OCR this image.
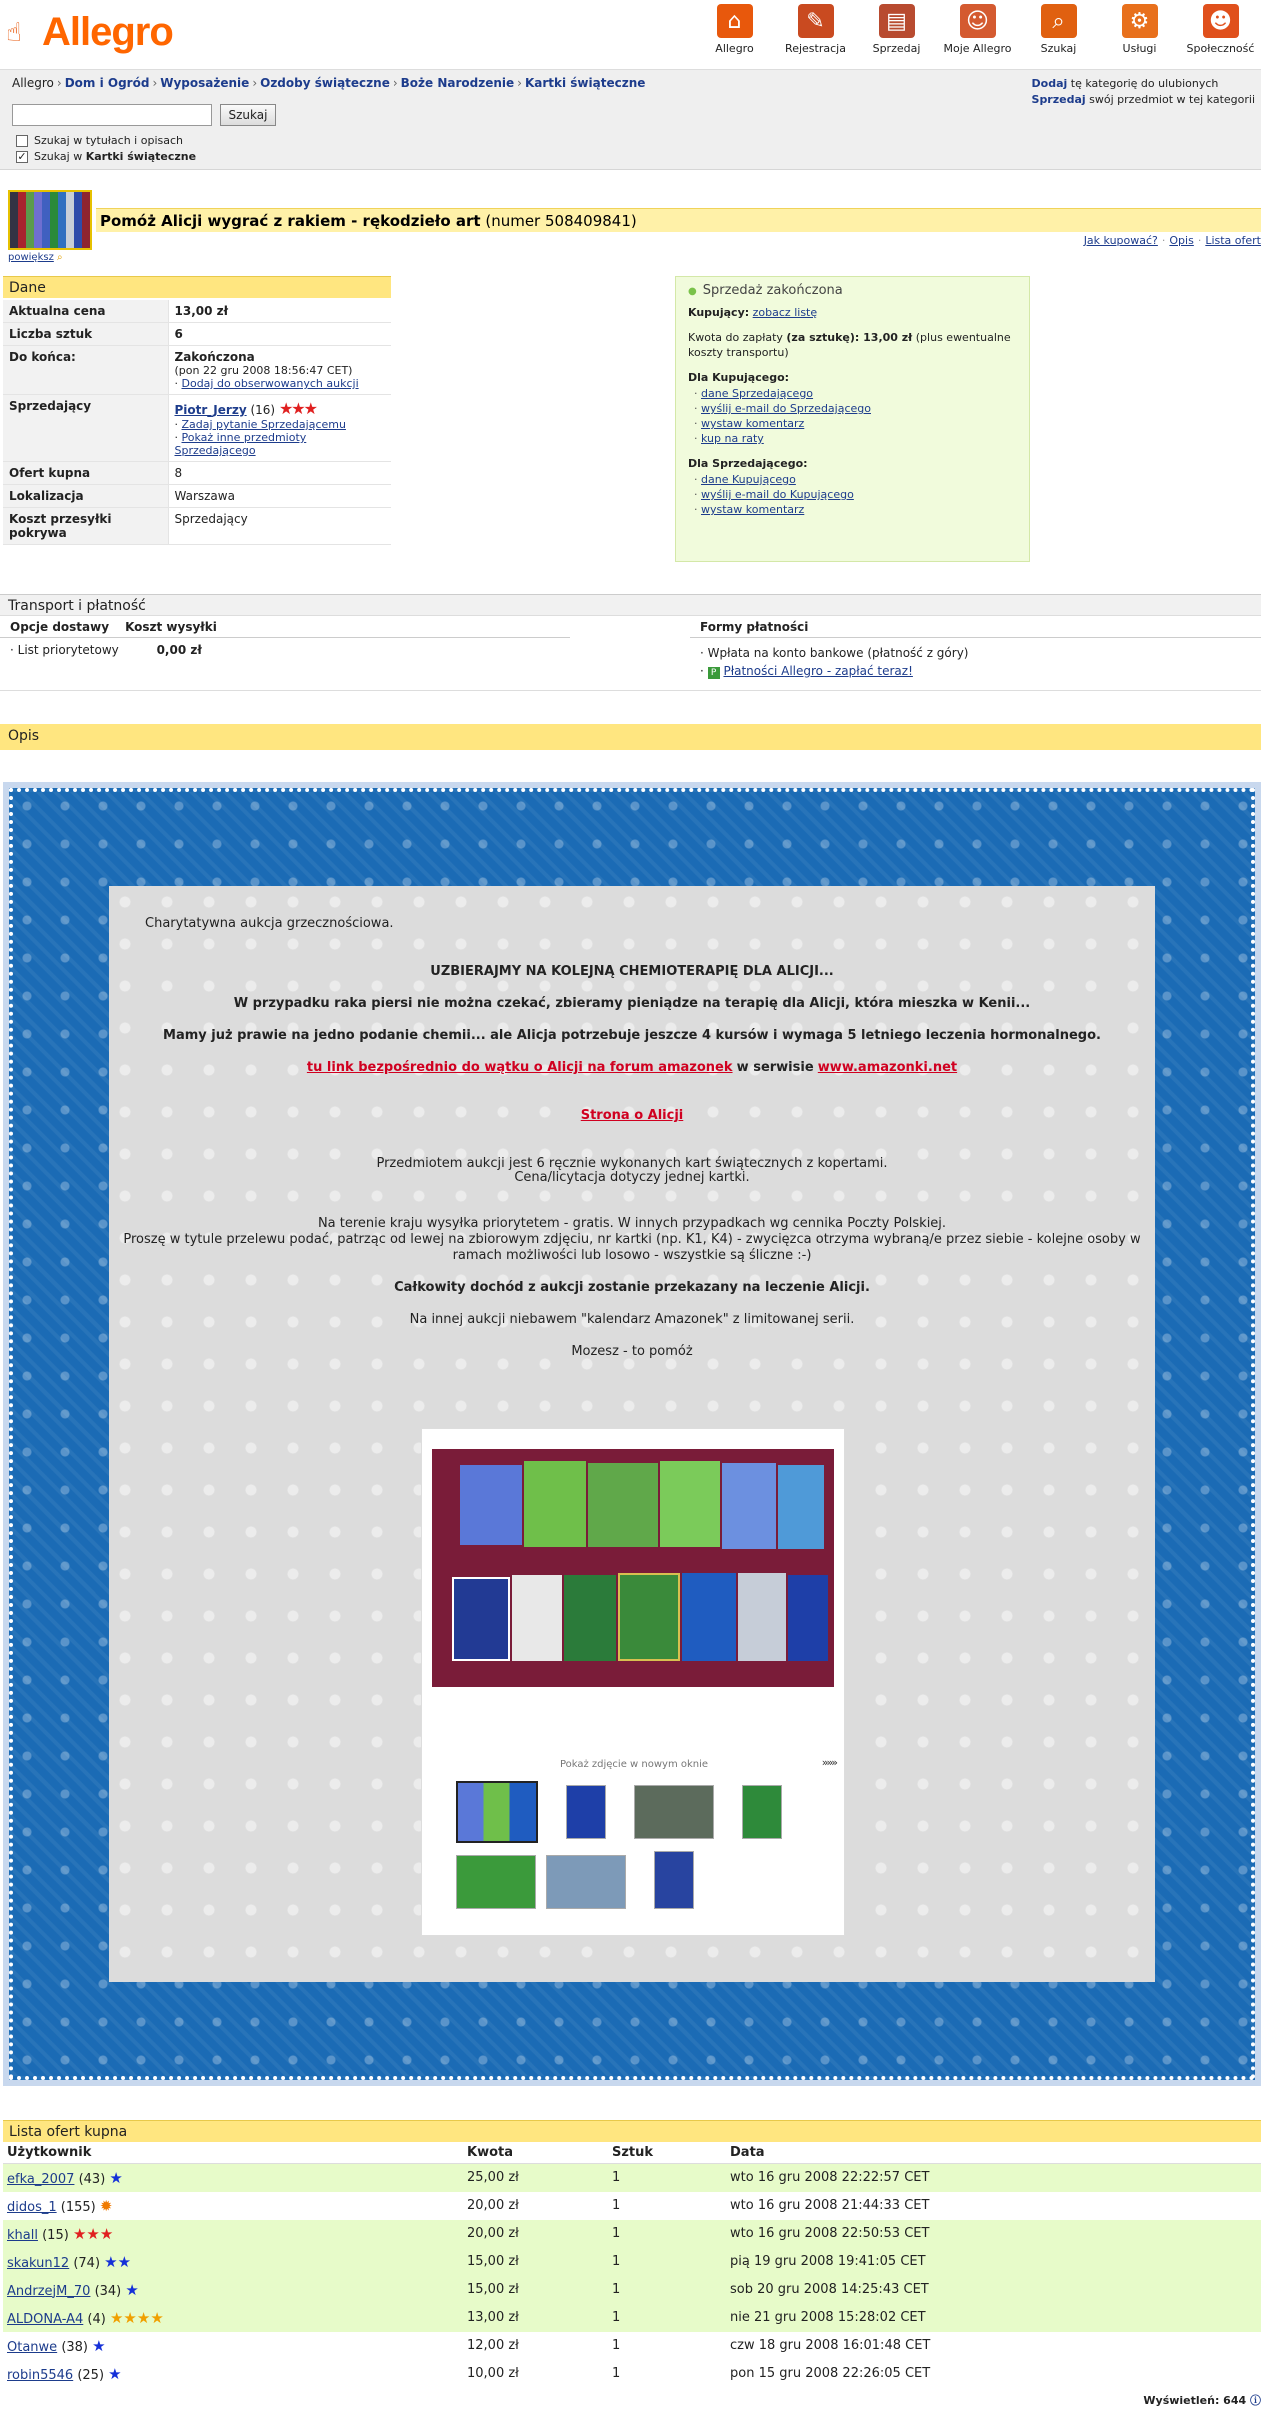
☝ Allegro	⌂
Allegro
✎
Rejestracja
▤
Sprzedaj
☺
Moje Allegro
⌕
Szukaj
⚙
Usługi
☻
Społeczność
Allegro › Dom i Ogród › Wyposażenie › Ozdoby świąteczne › Boże Narodzenie › Kartki świąteczne	Dodaj tę kategorię do ulubionych
Sprzedaj swój przedmiot w tej kategorii
Szukaj
Szukaj w tytułach i opisach
✓ Szukaj w Kartki świąteczne
powiększ ⌕
Pomóż Alicji wygrać z rakiem - rękodzieło art (numer 508409841)
Jak kupować? · Opis · Lista ofert
Dane
Aktualna cena	13,00 zł
Liczba sztuk	6
Do końca:	Zakończona
(pon 22 gru 2008 18:56:47 CET)
· Dodaj do obserwowanych aukcji

Sprzedający	Piotr_Jerzy (16) ★★★
· Zadaj pytanie Sprzedającemu
· Pokaż inne przedmioty Sprzedającego

Ofert kupna	8
Lokalizacja	Warszawa
Koszt przesyłki pokrywa	Sprzedający
● Sprzedaż zakończona
Kupujący: zobacz listę
Kwota do zapłaty (za sztukę): 13,00 zł (plus ewentualne koszty transportu)
Dla Kupującego:
· dane Sprzedającego
· wyślij e-mail do Sprzedającego
· wystaw komentarz
· kup na raty
Dla Sprzedającego:
· dane Kupującego
· wyślij e-mail do Kupującego
· wystaw komentarz
Transport i płatność
Opcje dostawy Koszt wysyłki
· List priorytetowy	0,00 zł
Formy płatności
· Wpłata na konto bankowe (płatność z góry)
· P Płatności Allegro - zapłać teraz!
Opis
Charytatywna aukcja grzecznościowa.
UZBIERAJMY NA KOLEJNĄ CHEMIOTERAPIĘ DLA ALICJI...
W przypadku raka piersi nie można czekać, zbieramy pieniądze na terapię dla Alicji, która mieszka w Kenii...
Mamy już prawie na jedno podanie chemii... ale Alicja potrzebuje jeszcze 4 kursów i wymaga 5 letniego leczenia hormonalnego.
tu link bezpośrednio do wątku o Alicji na forum amazonek w serwisie www.amazonki.net
Strona o Alicji
Przedmiotem aukcji jest 6 ręcznie wykonanych kart świątecznych z kopertami.
Cena/licytacja dotyczy jednej kartki.
Na terenie kraju wysyłka priorytetem - gratis. W innych przypadkach wg cennika Poczty Polskiej.
Proszę w tytule przelewu podać, patrząc od lewej na zbiorowym zdjęciu, nr kartki (np. K1, K4) - zwycięzca otrzyma wybraną/e przez siebie - kolejne osoby w
ramach możliwości lub losowo - wszystkie są śliczne :-)
Całkowity dochód z aukcji zostanie przekazany na leczenie Alicji.
Na innej aukcji niebawem "kalendarz Amazonek" z limitowanej serii.
Mozesz - to pomóż
Pokaż zdjęcie w nowym oknie	»»»
Lista ofert kupna
Użytkownik	Kwota	Sztuk	Data
efka_2007 (43) ★	25,00 zł	1	wto 16 gru 2008 22:22:57 CET
didos_1 (155) ✹	20,00 zł	1	wto 16 gru 2008 21:44:33 CET
khall (15) ★★★	20,00 zł	1	wto 16 gru 2008 22:50:53 CET
skakun12 (74) ★★	15,00 zł	1	pią 19 gru 2008 19:41:05 CET
AndrzejM_70 (34) ★	15,00 zł	1	sob 20 gru 2008 14:25:43 CET
ALDONA-A4 (4) ★★★★	13,00 zł	1	nie 21 gru 2008 15:28:02 CET
Otanwe (38) ★	12,00 zł	1	czw 18 gru 2008 16:01:48 CET
robin5546 (25) ★	10,00 zł	1	pon 15 gru 2008 22:26:05 CET
Wyświetleń: 644 ⓘ
